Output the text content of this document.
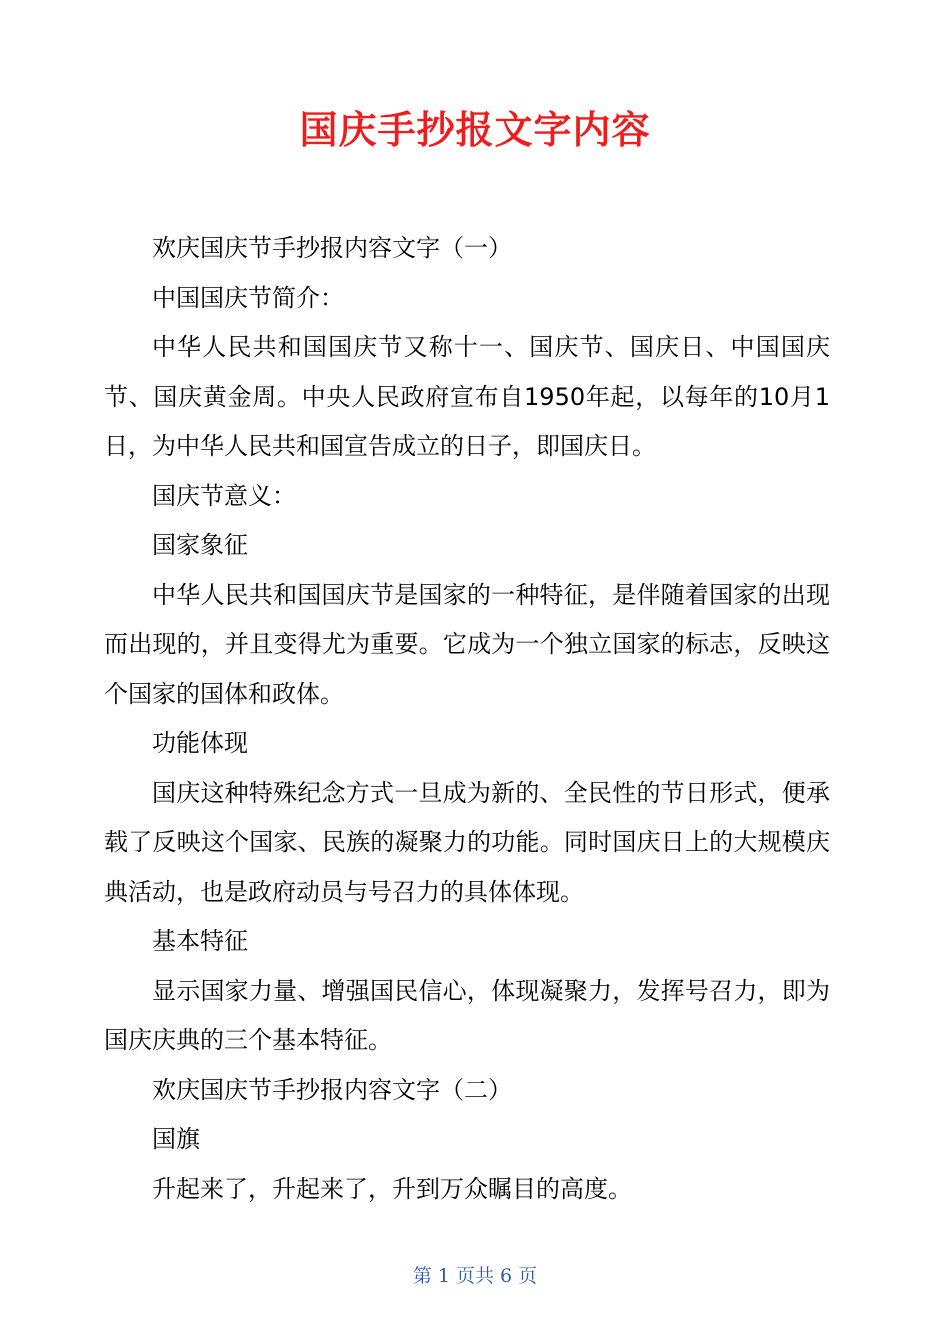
国庆手抄报文字内容

欢庆国庆节手抄报内容文字（一）

中国国庆节简介：

中华人民共和国国庆节又称十一、国庆节、国庆日、中国国庆节、国庆黄金周。中央人民政府宣布自1950年起，以每年的10月1日，为中华人民共和国宣告成立的日子，即国庆日。

国庆节意义：

国家象征

中华人民共和国国庆节是国家的一种特征，是伴随着国家的出现而出现的，并且变得尤为重要。它成为一个独立国家的标志，反映这个国家的国体和政体。

功能体现

国庆这种特殊纪念方式一旦成为新的、全民性的节日形式，便承载了反映这个国家、民族的凝聚力的功能。同时国庆日上的大规模庆典活动，也是政府动员与号召力的具体体现。

基本特征

显示国家力量、增强国民信心，体现凝聚力，发挥号召力，即为国庆庆典的三个基本特征。

欢庆国庆节手抄报内容文字（二）

国旗

升起来了，升起来了，升到万众瞩目的高度。

第 1 页共 6 页
